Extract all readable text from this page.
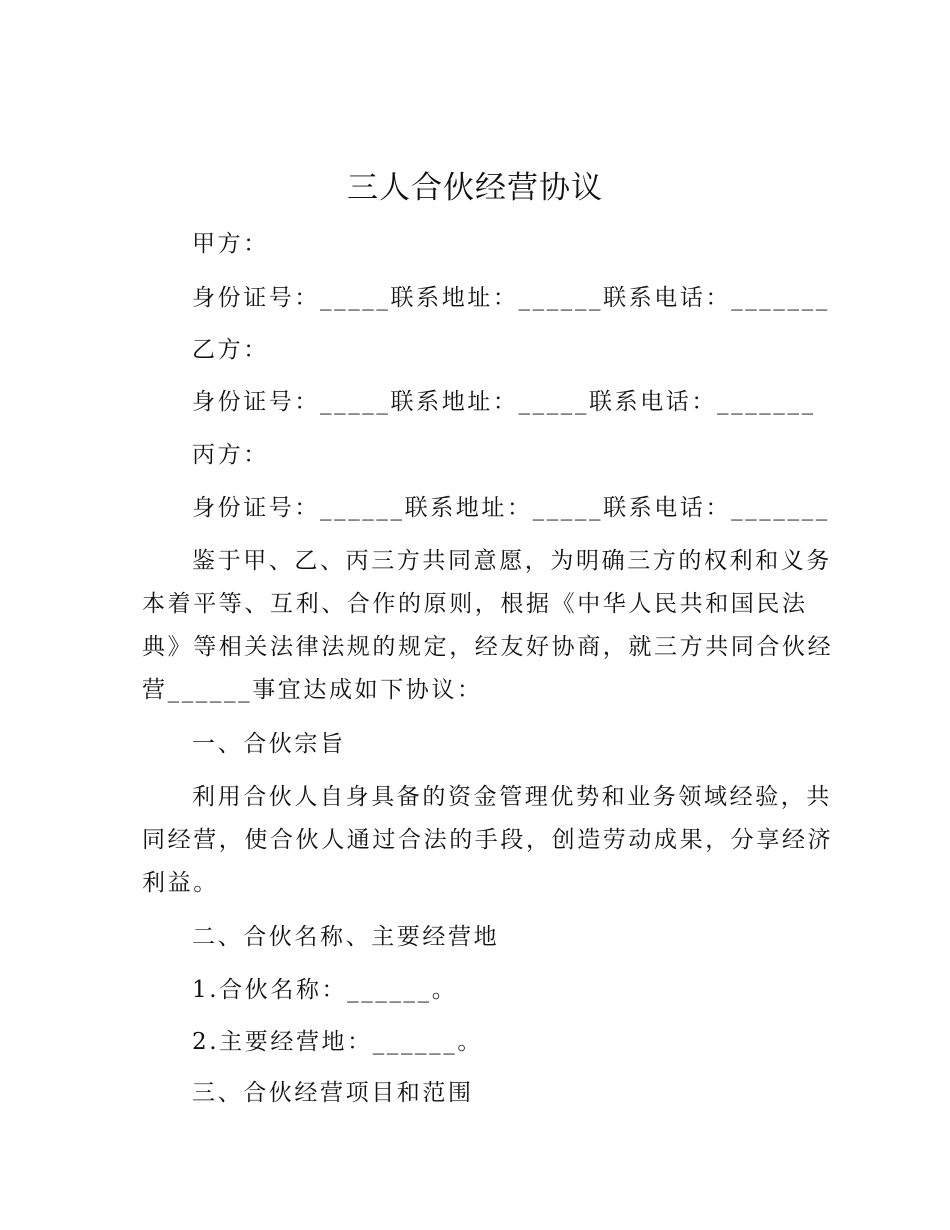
三人合伙经营协议

甲方：

身份证号：_____联系地址：______联系电话：_______

乙方：

身份证号：_____联系地址：_____联系电话：_______

丙方：

身份证号：______联系地址：_____联系电话：_______

鉴于甲、乙、丙三方共同意愿，为明确三方的权利和义务
本着平等、互利、合作的原则，根据《中华人民共和国民法
典》等相关法律法规的规定，经友好协商，就三方共同合伙经
营______事宜达成如下协议：

一、合伙宗旨

利用合伙人自身具备的资金管理优势和业务领域经验，共
同经营，使合伙人通过合法的手段，创造劳动成果，分享经济
利益。

二、合伙名称、主要经营地

1.合伙名称：______。

2.主要经营地：______。

三、合伙经营项目和范围
